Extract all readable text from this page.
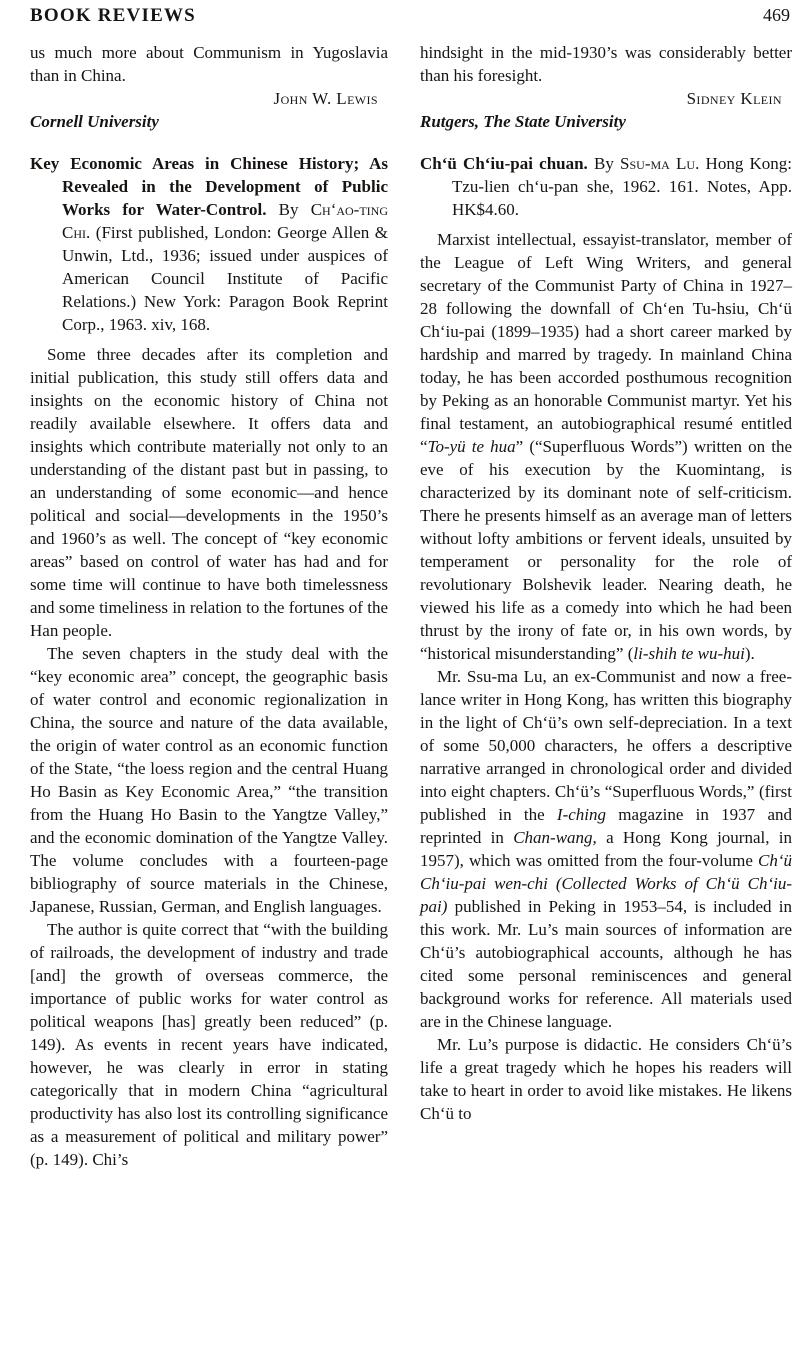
BOOK REVIEWS	469

us much more about Communism in Yugoslavia than in China.

John W. Lewis

Cornell University

Key Economic Areas in Chinese History; As Revealed in the Development of Public Works for Water-Control. By Ch‘ao-ting Chi. (First published, London: George Allen & Unwin, Ltd., 1936; issued under auspices of American Council Institute of Pacific Relations.) New York: Paragon Book Reprint Corp., 1963. xiv, 168.

Some three decades after its completion and initial publication, this study still offers data and insights on the economic history of China not readily available elsewhere. It offers data and insights which contribute materially not only to an understanding of the distant past but in passing, to an understanding of some economic—and hence political and social—developments in the 1950’s and 1960’s as well. The concept of “key economic areas” based on control of water has had and for some time will continue to have both timelessness and some timeliness in relation to the fortunes of the Han people.

The seven chapters in the study deal with the “key economic area” concept, the geographic basis of water control and economic regionalization in China, the source and nature of the data available, the origin of water control as an economic function of the State, “the loess region and the central Huang Ho Basin as Key Economic Area,” “the transition from the Huang Ho Basin to the Yangtze Valley,” and the economic domination of the Yangtze Valley. The volume concludes with a fourteen-page bibliography of source materials in the Chinese, Japanese, Russian, German, and English languages.

The author is quite correct that “with the building of railroads, the development of industry and trade [and] the growth of overseas commerce, the importance of public works for water control as political weapons [has] greatly been reduced” (p. 149). As events in recent years have indicated, however, he was clearly in error in stating categorically that in modern China “agricultural productivity has also lost its controlling significance as a measurement of political and military power” (p. 149). Chi’s

hindsight in the mid-1930’s was considerably better than his foresight.

Sidney Klein

Rutgers, The State University

Ch‘ü Ch‘iu-pai chuan. By Ssu-ma Lu. Hong Kong: Tzu-lien ch‘u-pan she, 1962. 161. Notes, App. HK$4.60.

Marxist intellectual, essayist-translator, member of the League of Left Wing Writers, and general secretary of the Communist Party of China in 1927–28 following the downfall of Ch‘en Tu-hsiu, Ch‘ü Ch‘iu-pai (1899–1935) had a short career marked by hardship and marred by tragedy. In mainland China today, he has been accorded posthumous recognition by Peking as an honorable Communist martyr. Yet his final testament, an autobiographical resumé entitled “To-yü te hua” (“Superfluous Words”) written on the eve of his execution by the Kuomintang, is characterized by its dominant note of self-criticism. There he presents himself as an average man of letters without lofty ambitions or fervent ideals, unsuited by temperament or personality for the role of revolutionary Bolshevik leader. Nearing death, he viewed his life as a comedy into which he had been thrust by the irony of fate or, in his own words, by “historical misunderstanding” (li-shih te wu-hui).

Mr. Ssu-ma Lu, an ex-Communist and now a free-lance writer in Hong Kong, has written this biography in the light of Ch‘ü’s own self-depreciation. In a text of some 50,000 characters, he offers a descriptive narrative arranged in chronological order and divided into eight chapters. Ch‘ü’s “Superfluous Words,” (first published in the I-ching magazine in 1937 and reprinted in Chan-wang, a Hong Kong journal, in 1957), which was omitted from the four-volume Ch‘ü Ch‘iu-pai wen-chi (Collected Works of Ch‘ü Ch‘iu-pai) published in Peking in 1953–54, is included in this work. Mr. Lu’s main sources of information are Ch‘ü’s autobiographical accounts, although he has cited some personal reminiscences and general background works for reference. All materials used are in the Chinese language.

Mr. Lu’s purpose is didactic. He considers Ch‘ü’s life a great tragedy which he hopes his readers will take to heart in order to avoid like mistakes. He likens Ch‘ü to
